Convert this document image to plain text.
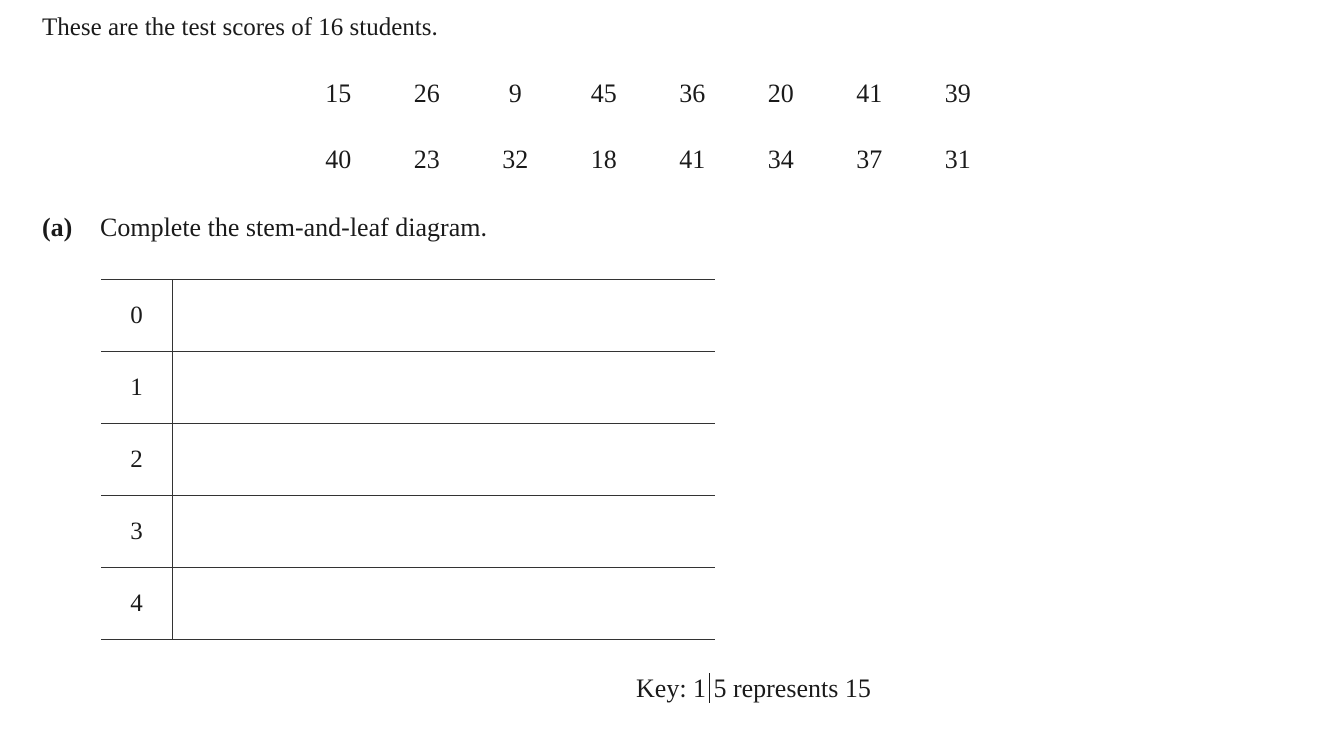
These are the test scores of 16 students.

15	26	9	45	36	20	41	39
40	23	32	18	41	34	37	31
(a) Complete the stem-and-leaf diagram.
0	
1	
2	
3	
4	
Key: 1 5 represents 15
